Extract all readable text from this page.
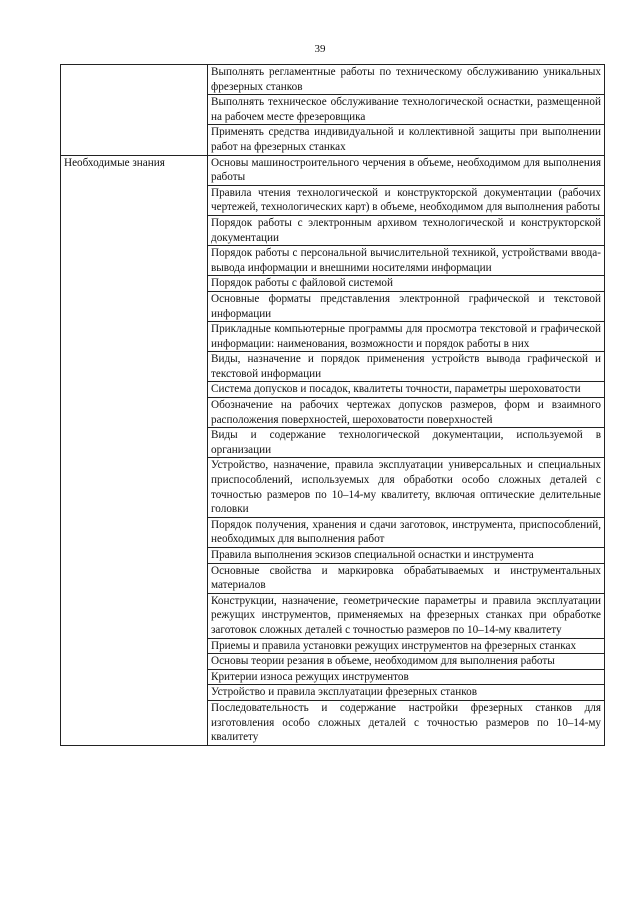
39
	Выполнять регламентные работы по техническому обслуживанию уникальных фрезерных станков
	Выполнять техническое обслуживание технологической оснастки, размещенной на рабочем месте фрезеровщика
	Применять средства индивидуальной и коллективной защиты при выполнении работ на фрезерных станках
Необходимые знания	Основы машиностроительного черчения в объеме, необходимом для выполнения работы
	Правила чтения технологической и конструкторской документации (рабочих чертежей, технологических карт) в объеме, необходимом для выполнения работы
	Порядок работы с электронным архивом технологической и конструкторской документации
	Порядок работы с персональной вычислительной техникой, устройствами ввода-вывода информации и внешними носителями информации
	Порядок работы с файловой системой
	Основные форматы представления электронной графической и текстовой информации
	Прикладные компьютерные программы для просмотра текстовой и графической информации: наименования, возможности и порядок работы в них
	Виды, назначение и порядок применения устройств вывода графической и текстовой информации
	Система допусков и посадок, квалитеты точности, параметры шероховатости
	Обозначение на рабочих чертежах допусков размеров, форм и взаимного расположения поверхностей, шероховатости поверхностей
	Виды и содержание технологической документации, используемой в организации
	Устройство, назначение, правила эксплуатации универсальных и специальных приспособлений, используемых для обработки особо сложных деталей с точностью размеров по 10–14-му квалитету, включая оптические делительные головки
	Порядок получения, хранения и сдачи заготовок, инструмента, приспособлений, необходимых для выполнения работ
	Правила выполнения эскизов специальной оснастки и инструмента
	Основные свойства и маркировка обрабатываемых и инструментальных материалов
	Конструкции, назначение, геометрические параметры и правила эксплуатации режущих инструментов, применяемых на фрезерных станках при обработке заготовок сложных деталей с точностью размеров по 10–14-му квалитету
	Приемы и правила установки режущих инструментов на фрезерных станках
	Основы теории резания в объеме, необходимом для выполнения работы
	Критерии износа режущих инструментов
	Устройство и правила эксплуатации фрезерных станков
	Последовательность и содержание настройки фрезерных станков для изготовления особо сложных деталей с точностью размеров по 10–14-му квалитету
